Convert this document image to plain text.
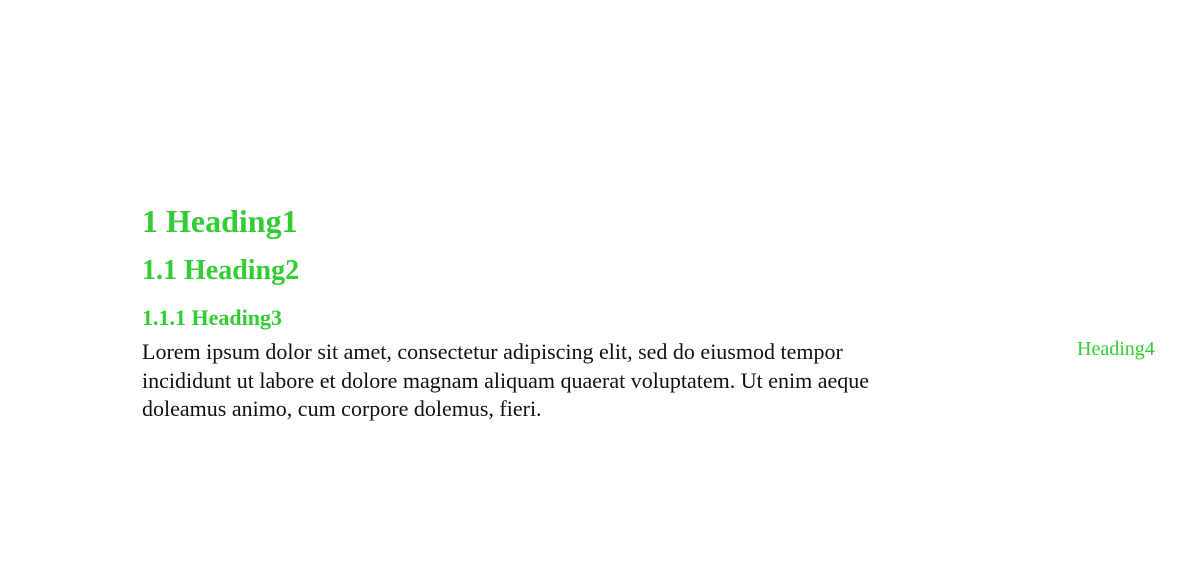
1 Heading1
1.1 Heading2
1.1.1 Heading3
Lorem ipsum dolor sit amet, consectetur adipiscing elit, sed do eiusmod tempor
incididunt ut labore et dolore magnam aliquam quaerat voluptatem. Ut enim aeque
doleamus animo, cum corpore dolemus, fieri.
Heading4
